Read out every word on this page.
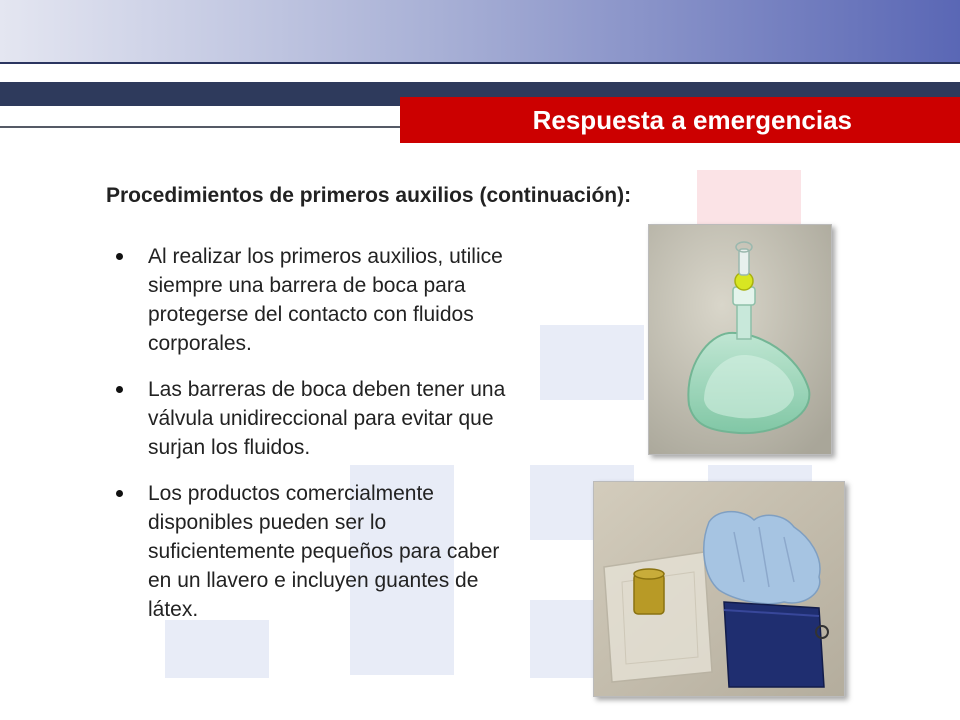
Respuesta a emergencias
Procedimientos de primeros auxilios (continuación):
Al realizar los primeros auxilios, utilice siempre una barrera de boca para protegerse del contacto con fluidos corporales.
Las barreras de boca deben tener una válvula unidireccional para evitar que surjan los fluidos.
Los productos comercialmente disponibles pueden ser lo suficientemente pequeños para caber en un llavero e incluyen guantes de látex.
